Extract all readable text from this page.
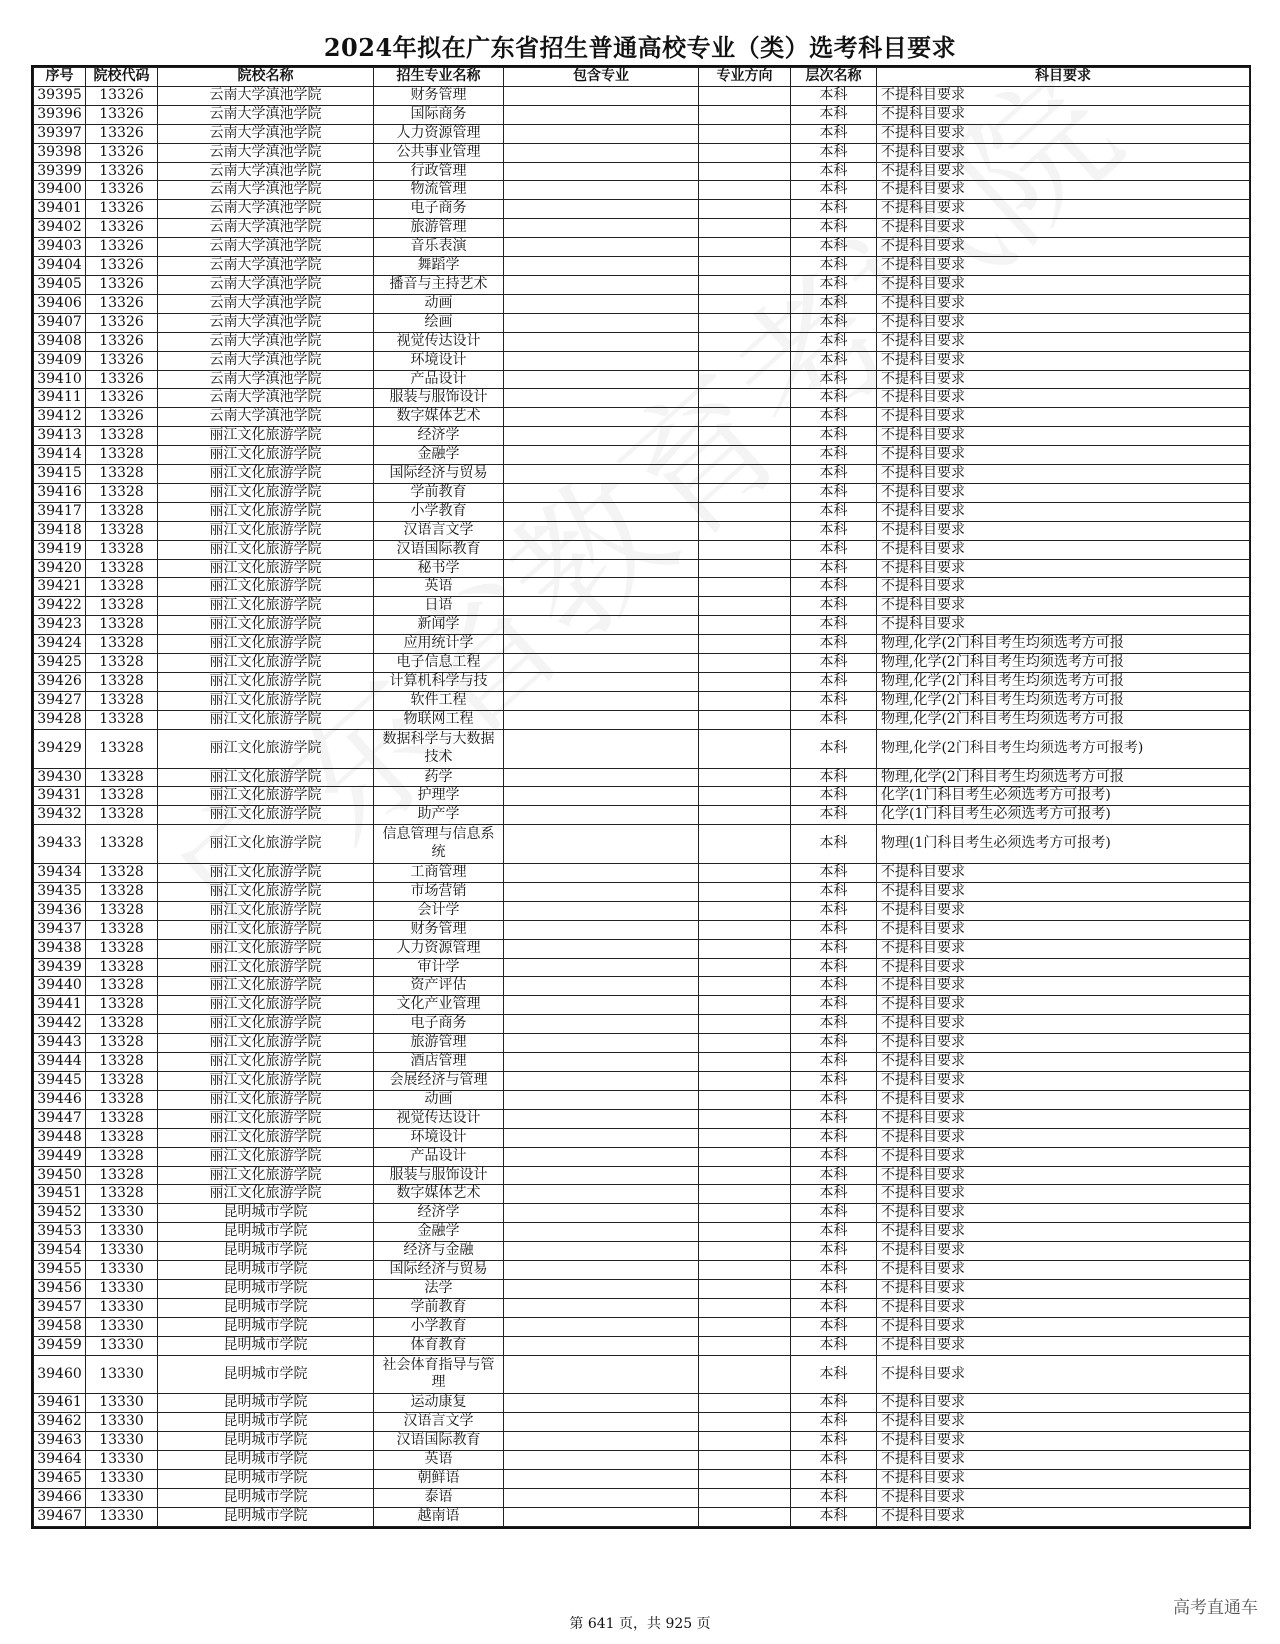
2024年拟在广东省招生普通高校专业（类）选考科目要求
序号	院校代码	院校名称	招生专业名称	包含专业	专业方向	层次名称	科目要求
39395	13326	云南大学滇池学院	财务管理			本科	不提科目要求
39396	13326	云南大学滇池学院	国际商务			本科	不提科目要求
39397	13326	云南大学滇池学院	人力资源管理			本科	不提科目要求
39398	13326	云南大学滇池学院	公共事业管理			本科	不提科目要求
39399	13326	云南大学滇池学院	行政管理			本科	不提科目要求
39400	13326	云南大学滇池学院	物流管理			本科	不提科目要求
39401	13326	云南大学滇池学院	电子商务			本科	不提科目要求
39402	13326	云南大学滇池学院	旅游管理			本科	不提科目要求
39403	13326	云南大学滇池学院	音乐表演			本科	不提科目要求
39404	13326	云南大学滇池学院	舞蹈学			本科	不提科目要求
39405	13326	云南大学滇池学院	播音与主持艺术			本科	不提科目要求
39406	13326	云南大学滇池学院	动画			本科	不提科目要求
39407	13326	云南大学滇池学院	绘画			本科	不提科目要求
39408	13326	云南大学滇池学院	视觉传达设计			本科	不提科目要求
39409	13326	云南大学滇池学院	环境设计			本科	不提科目要求
39410	13326	云南大学滇池学院	产品设计			本科	不提科目要求
39411	13326	云南大学滇池学院	服装与服饰设计			本科	不提科目要求
39412	13326	云南大学滇池学院	数字媒体艺术			本科	不提科目要求
39413	13328	丽江文化旅游学院	经济学			本科	不提科目要求
39414	13328	丽江文化旅游学院	金融学			本科	不提科目要求
39415	13328	丽江文化旅游学院	国际经济与贸易			本科	不提科目要求
39416	13328	丽江文化旅游学院	学前教育			本科	不提科目要求
39417	13328	丽江文化旅游学院	小学教育			本科	不提科目要求
39418	13328	丽江文化旅游学院	汉语言文学			本科	不提科目要求
39419	13328	丽江文化旅游学院	汉语国际教育			本科	不提科目要求
39420	13328	丽江文化旅游学院	秘书学			本科	不提科目要求
39421	13328	丽江文化旅游学院	英语			本科	不提科目要求
39422	13328	丽江文化旅游学院	日语			本科	不提科目要求
39423	13328	丽江文化旅游学院	新闻学			本科	不提科目要求
39424	13328	丽江文化旅游学院	应用统计学			本科	物理,化学(2门科目考生均须选考方可报
39425	13328	丽江文化旅游学院	电子信息工程			本科	物理,化学(2门科目考生均须选考方可报
39426	13328	丽江文化旅游学院	计算机科学与技			本科	物理,化学(2门科目考生均须选考方可报
39427	13328	丽江文化旅游学院	软件工程			本科	物理,化学(2门科目考生均须选考方可报
39428	13328	丽江文化旅游学院	物联网工程			本科	物理,化学(2门科目考生均须选考方可报
39429	13328	丽江文化旅游学院	数据科学与大数据技术			本科	物理,化学(2门科目考生均须选考方可报考)
39430	13328	丽江文化旅游学院	药学			本科	物理,化学(2门科目考生均须选考方可报
39431	13328	丽江文化旅游学院	护理学			本科	化学(1门科目考生必须选考方可报考)
39432	13328	丽江文化旅游学院	助产学			本科	化学(1门科目考生必须选考方可报考)
39433	13328	丽江文化旅游学院	信息管理与信息系统			本科	物理(1门科目考生必须选考方可报考)
39434	13328	丽江文化旅游学院	工商管理			本科	不提科目要求
39435	13328	丽江文化旅游学院	市场营销			本科	不提科目要求
39436	13328	丽江文化旅游学院	会计学			本科	不提科目要求
39437	13328	丽江文化旅游学院	财务管理			本科	不提科目要求
39438	13328	丽江文化旅游学院	人力资源管理			本科	不提科目要求
39439	13328	丽江文化旅游学院	审计学			本科	不提科目要求
39440	13328	丽江文化旅游学院	资产评估			本科	不提科目要求
39441	13328	丽江文化旅游学院	文化产业管理			本科	不提科目要求
39442	13328	丽江文化旅游学院	电子商务			本科	不提科目要求
39443	13328	丽江文化旅游学院	旅游管理			本科	不提科目要求
39444	13328	丽江文化旅游学院	酒店管理			本科	不提科目要求
39445	13328	丽江文化旅游学院	会展经济与管理			本科	不提科目要求
39446	13328	丽江文化旅游学院	动画			本科	不提科目要求
39447	13328	丽江文化旅游学院	视觉传达设计			本科	不提科目要求
39448	13328	丽江文化旅游学院	环境设计			本科	不提科目要求
39449	13328	丽江文化旅游学院	产品设计			本科	不提科目要求
39450	13328	丽江文化旅游学院	服装与服饰设计			本科	不提科目要求
39451	13328	丽江文化旅游学院	数字媒体艺术			本科	不提科目要求
39452	13330	昆明城市学院	经济学			本科	不提科目要求
39453	13330	昆明城市学院	金融学			本科	不提科目要求
39454	13330	昆明城市学院	经济与金融			本科	不提科目要求
39455	13330	昆明城市学院	国际经济与贸易			本科	不提科目要求
39456	13330	昆明城市学院	法学			本科	不提科目要求
39457	13330	昆明城市学院	学前教育			本科	不提科目要求
39458	13330	昆明城市学院	小学教育			本科	不提科目要求
39459	13330	昆明城市学院	体育教育			本科	不提科目要求
39460	13330	昆明城市学院	社会体育指导与管理			本科	不提科目要求
39461	13330	昆明城市学院	运动康复			本科	不提科目要求
39462	13330	昆明城市学院	汉语言文学			本科	不提科目要求
39463	13330	昆明城市学院	汉语国际教育			本科	不提科目要求
39464	13330	昆明城市学院	英语			本科	不提科目要求
39465	13330	昆明城市学院	朝鲜语			本科	不提科目要求
39466	13330	昆明城市学院	泰语			本科	不提科目要求
39467	13330	昆明城市学院	越南语			本科	不提科目要求
第 641 页，共 925 页
高考直通车
